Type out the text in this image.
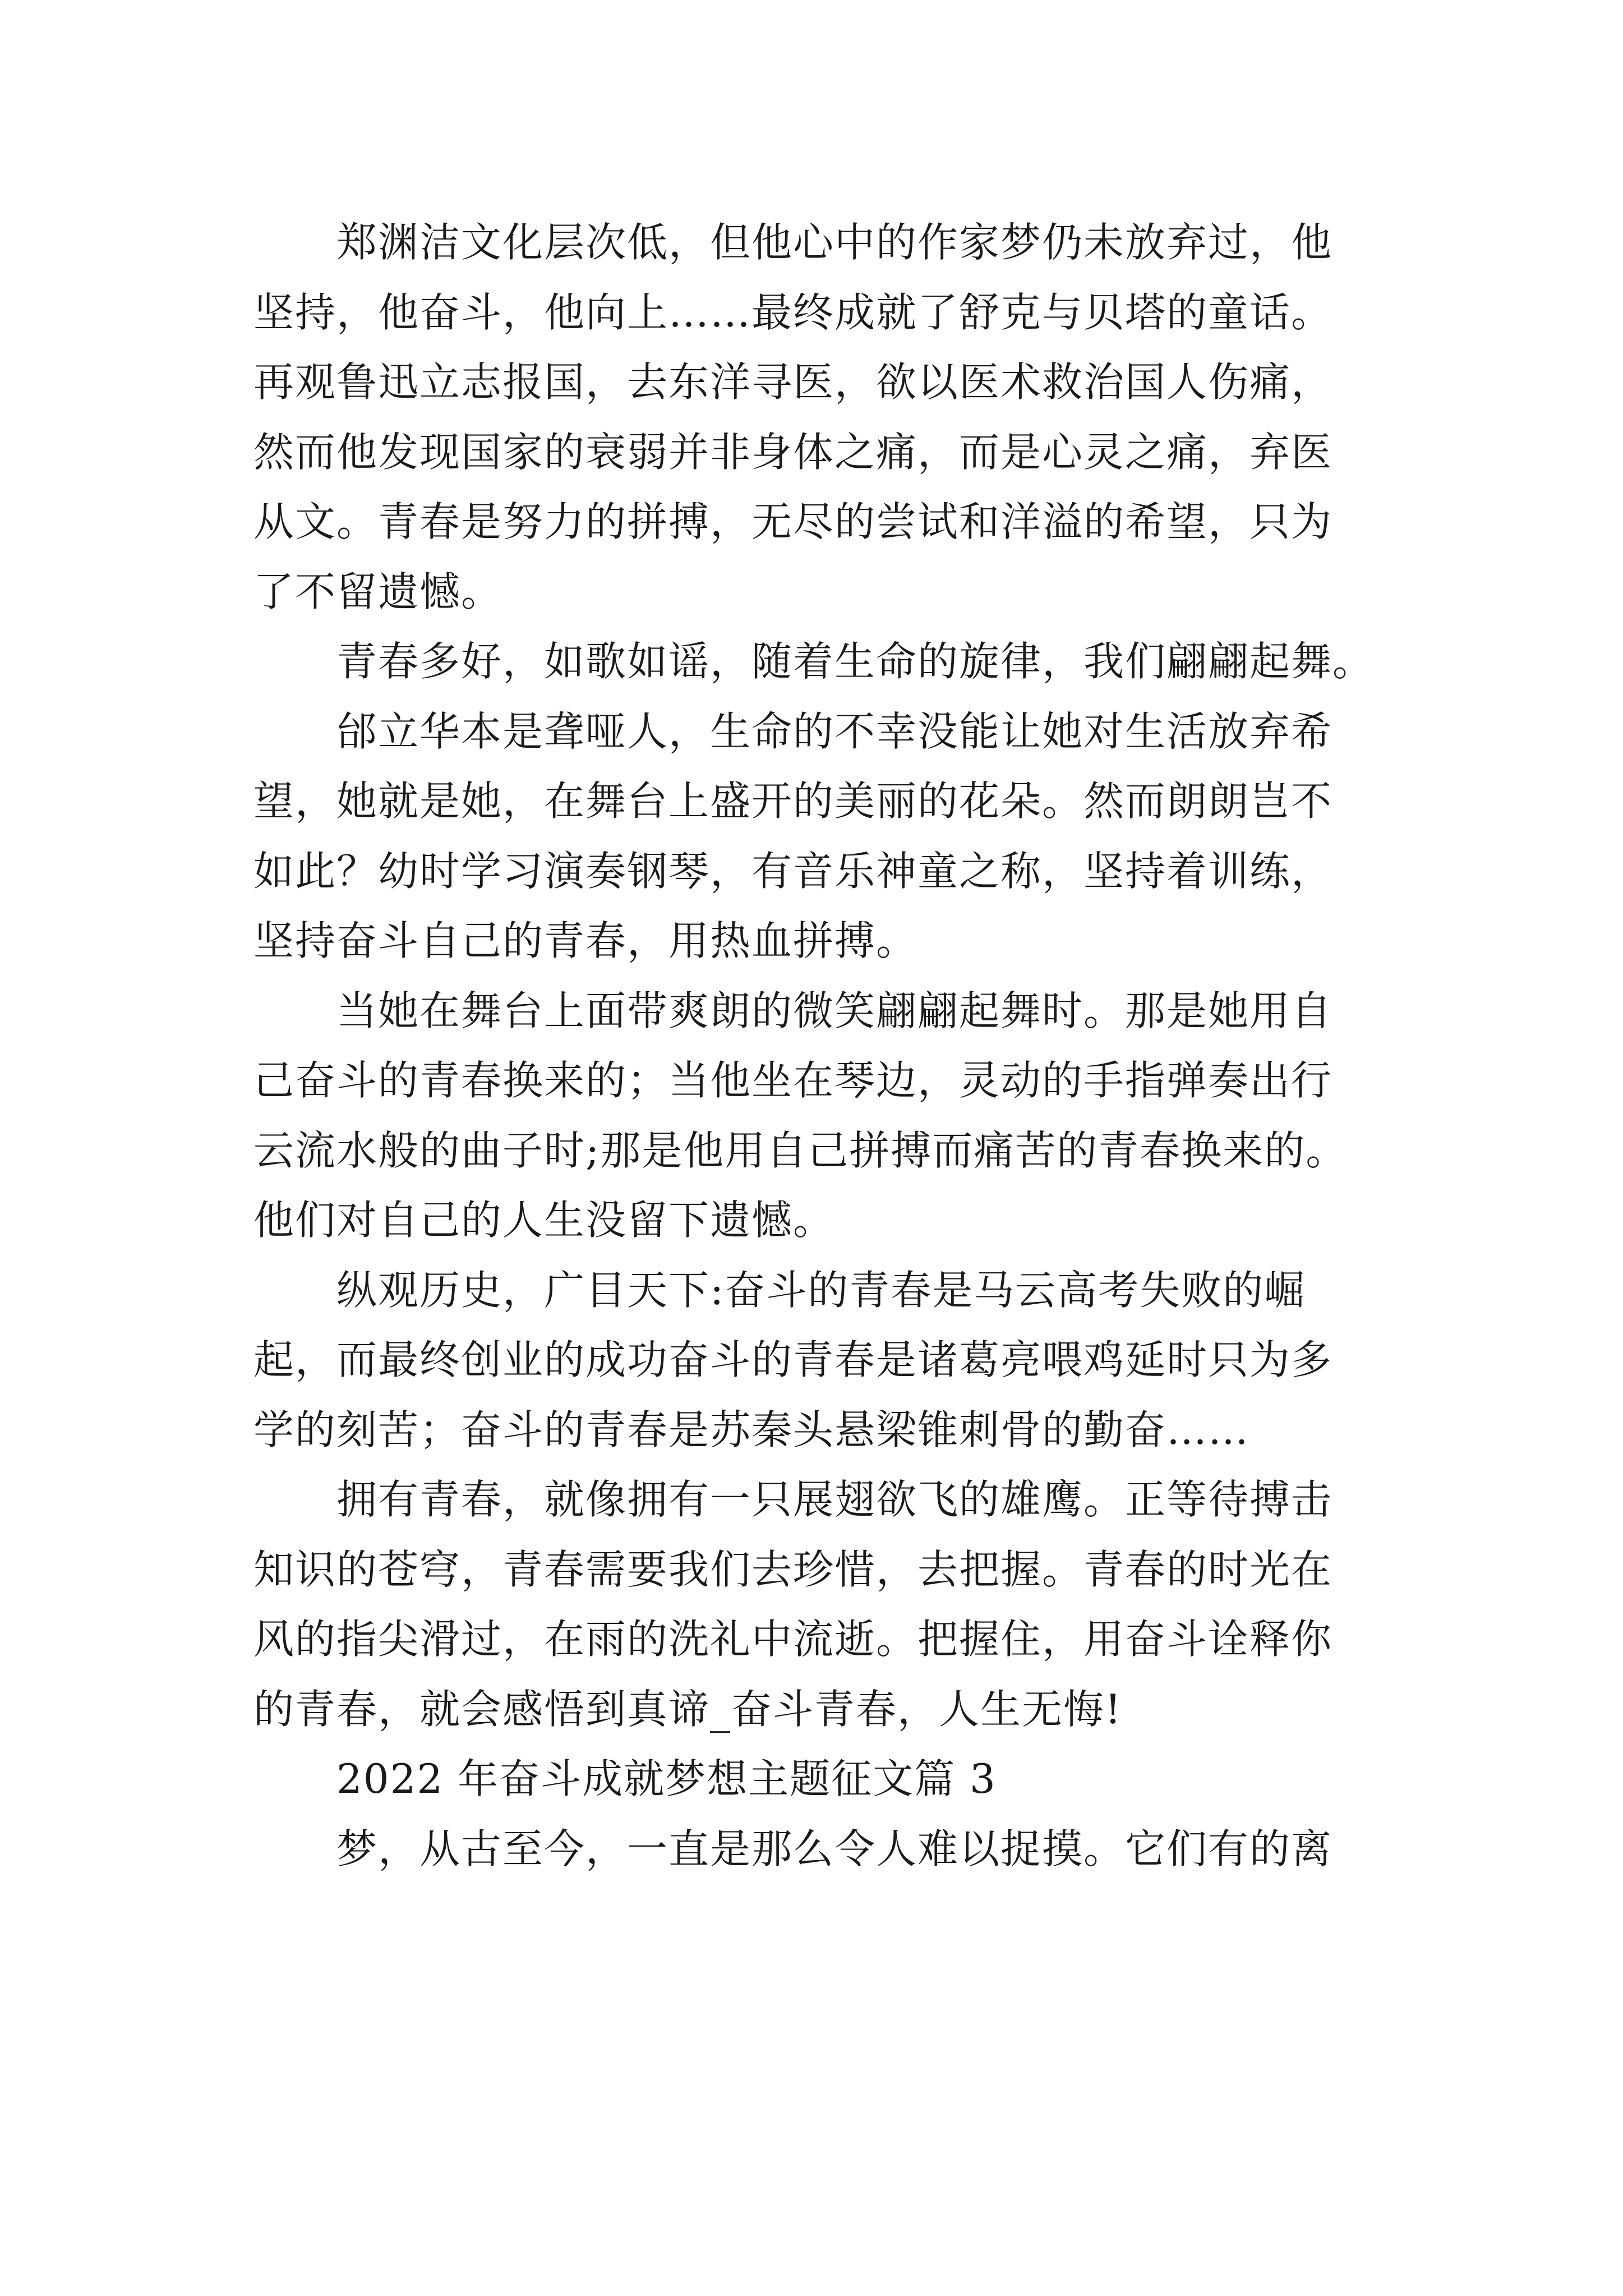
郑渊洁文化层次低，但他心中的作家梦仍未放弃过，他
坚持，他奋斗，他向上……最终成就了舒克与贝塔的童话。
再观鲁迅立志报国，去东洋寻医，欲以医术救治国人伤痛，
然而他发现国家的衰弱并非身体之痛，而是心灵之痛，弃医
从文。青春是努力的拼搏，无尽的尝试和洋溢的希望，只为
了不留遗憾。
青春多好，如歌如谣，随着生命的旋律，我们翩翩起舞。
邰立华本是聋哑人，生命的不幸没能让她对生活放弃希
望，她就是她，在舞台上盛开的美丽的花朵。然而朗朗岂不
如此？幼时学习演奏钢琴，有音乐神童之称，坚持着训练，
坚持奋斗自己的青春，用热血拼搏。
当她在舞台上面带爽朗的微笑翩翩起舞时。那是她用自
己奋斗的青春换来的；当他坐在琴边，灵动的手指弹奏出行
云流水般的曲子时;那是他用自己拼搏而痛苦的青春换来的。
他们对自己的人生没留下遗憾。
纵观历史，广目天下:奋斗的青春是马云高考失败的崛
起，而最终创业的成功奋斗的青春是诸葛亮喂鸡延时只为多
学的刻苦；奋斗的青春是苏秦头悬梁锥刺骨的勤奋……
拥有青春，就像拥有一只展翅欲飞的雄鹰。正等待搏击
知识的苍穹，青春需要我们去珍惜，去把握。青春的时光在
风的指尖滑过，在雨的洗礼中流逝。把握住，用奋斗诠释你
的青春，就会感悟到真谛_奋斗青春，人生无悔!
2022 年奋斗成就梦想主题征文篇 3
梦，从古至今，一直是那么令人难以捉摸。它们有的离
